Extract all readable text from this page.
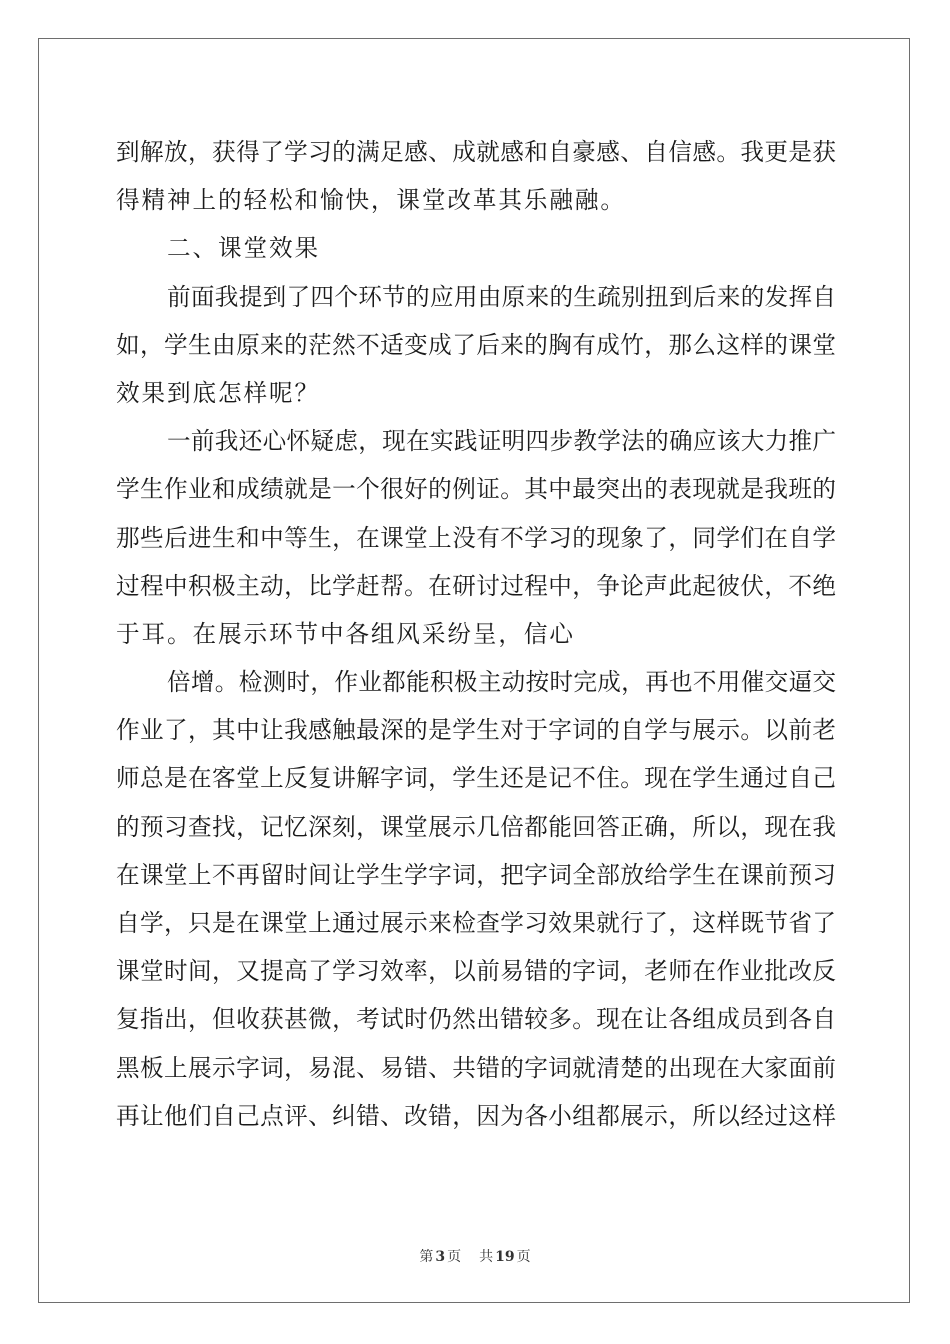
到解放，获得了学习的满足感、成就感和自豪感、自信感。我更是获
得精神上的轻松和愉快，课堂改革其乐融融。
二、课堂效果
前面我提到了四个环节的应用由原来的生疏别扭到后来的发挥自
如，学生由原来的茫然不适变成了后来的胸有成竹，那么这样的课堂
效果到底怎样呢？
一前我还心怀疑虑，现在实践证明四步教学法的确应该大力推广
学生作业和成绩就是一个很好的例证。其中最突出的表现就是我班的
那些后进生和中等生，在课堂上没有不学习的现象了，同学们在自学
过程中积极主动，比学赶帮。在研讨过程中，争论声此起彼伏，不绝
于耳。在展示环节中各组风采纷呈，信心
倍增。检测时，作业都能积极主动按时完成，再也不用催交逼交
作业了，其中让我感触最深的是学生对于字词的自学与展示。以前老
师总是在客堂上反复讲解字词，学生还是记不住。现在学生通过自己
的预习查找，记忆深刻，课堂展示几倍都能回答正确，所以，现在我
在课堂上不再留时间让学生学字词，把字词全部放给学生在课前预习
自学，只是在课堂上通过展示来检查学习效果就行了，这样既节省了
课堂时间，又提高了学习效率，以前易错的字词，老师在作业批改反
复指出，但收获甚微，考试时仍然出错较多。现在让各组成员到各自
黑板上展示字词，易混、易错、共错的字词就清楚的出现在大家面前
再让他们自己点评、纠错、改错，因为各小组都展示，所以经过这样
第 3 页 共 19 页
